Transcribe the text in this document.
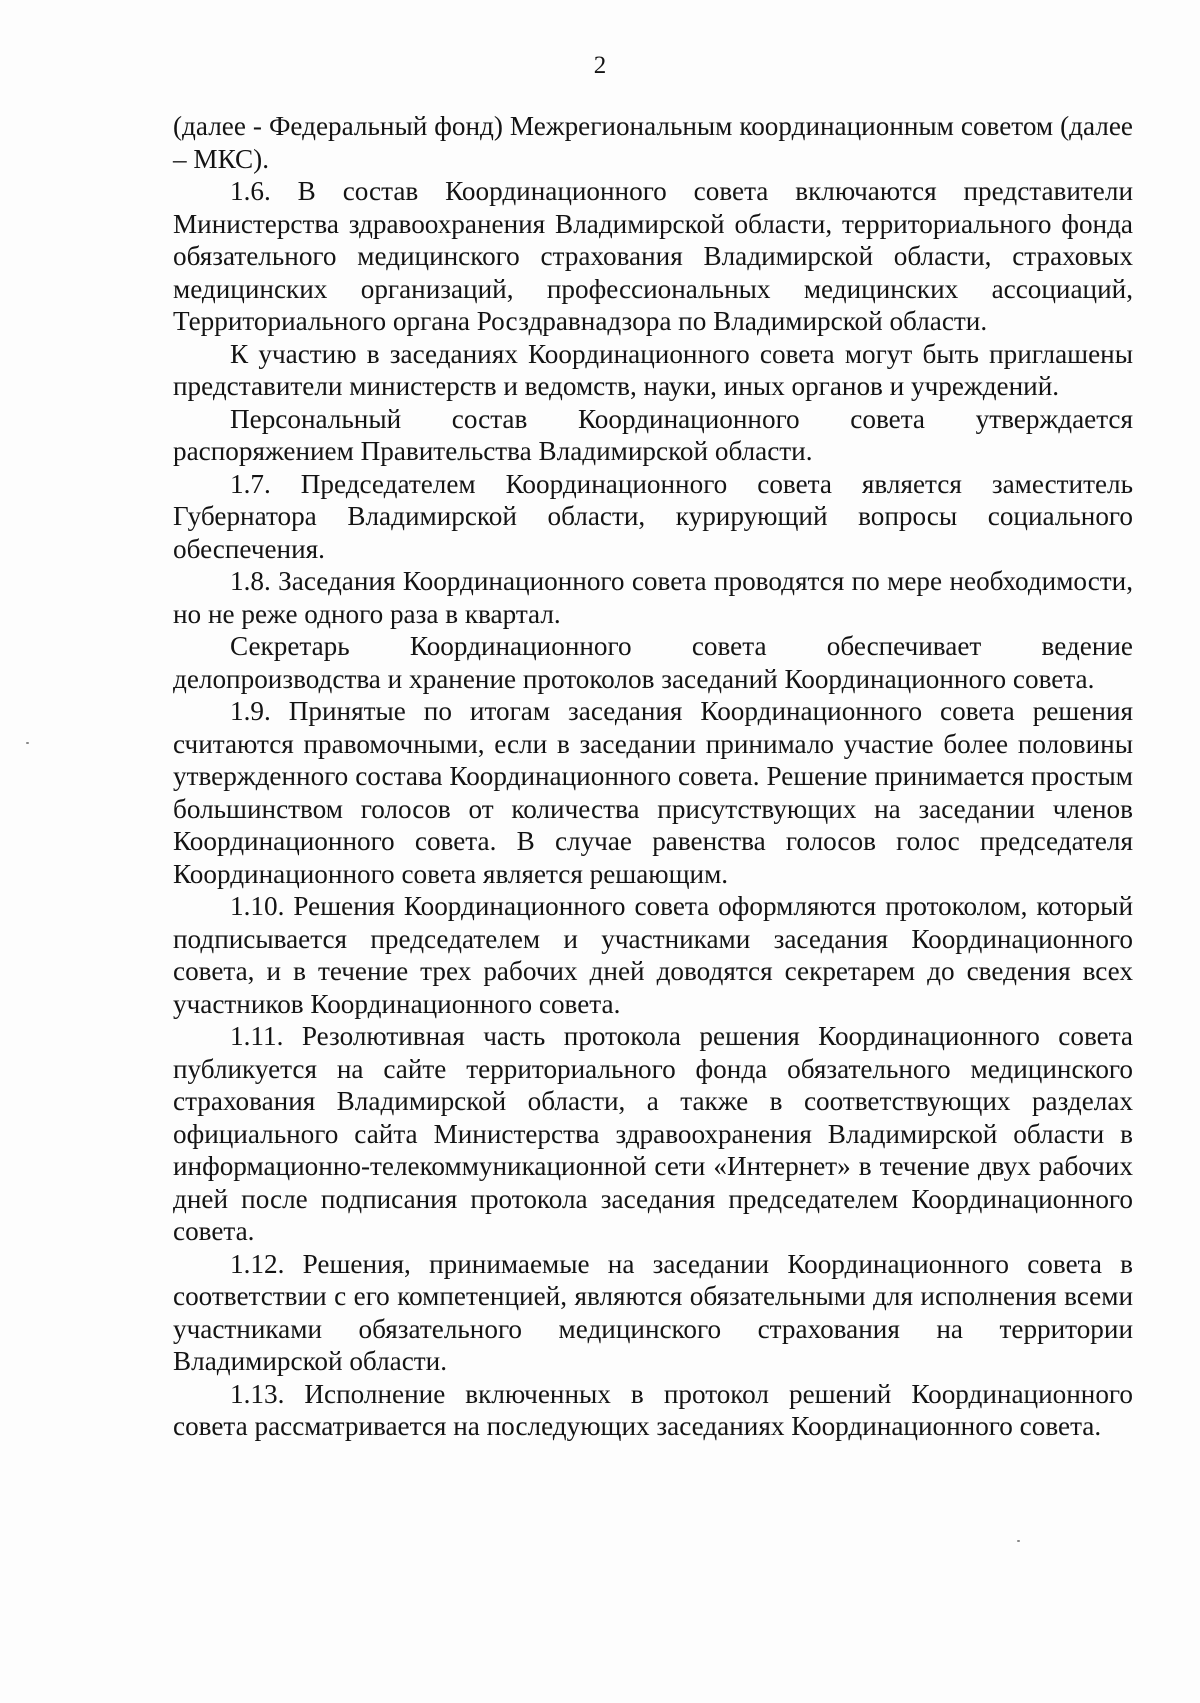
2

(далее - Федеральный фонд) Межрегиональным координационным советом (далее – МКС).

1.6. В состав Координационного совета включаются представители Министерства здравоохранения Владимирской области, территориального фонда обязательного медицинского страхования Владимирской области, страховых медицинских организаций, профессиональных медицинских ассоциаций, Территориального органа Росздравнадзора по Владимирской области.

К участию в заседаниях Координационного совета могут быть приглашены представители министерств и ведомств, науки, иных органов и учреждений.

Персональный состав Координационного совета утверждается распоряжением Правительства Владимирской области.

1.7. Председателем Координационного совета является заместитель Губернатора Владимирской области, курирующий вопросы социального обеспечения.

1.8. Заседания Координационного совета проводятся по мере необходимости, но не реже одного раза в квартал.

Секретарь Координационного совета обеспечивает ведение делопроизводства и хранение протоколов заседаний Координационного совета.

1.9. Принятые по итогам заседания Координационного совета решения считаются правомочными, если в заседании принимало участие более половины утвержденного состава Координационного совета. Решение принимается простым большинством голосов от количества присутствующих на заседании членов Координационного совета. В случае равенства голосов голос председателя Координационного совета является решающим.

1.10. Решения Координационного совета оформляются протоколом, который подписывается председателем и участниками заседания Координационного совета, и в течение трех рабочих дней доводятся секретарем до сведения всех участников Координационного совета.

1.11. Резолютивная часть протокола решения Координационного совета публикуется на сайте территориального фонда обязательного медицинского страхования Владимирской области, а также в соответствующих разделах официального сайта Министерства здравоохранения Владимирской области в информационно-телекоммуникационной сети «Интернет» в течение двух рабочих дней после подписания протокола заседания председателем Координационного совета.

1.12. Решения, принимаемые на заседании Координационного совета в соответствии с его компетенцией, являются обязательными для исполнения всеми участниками обязательного медицинского страхования на территории Владимирской области.

1.13. Исполнение включенных в протокол решений Координационного совета рассматривается на последующих заседаниях Координационного совета.
